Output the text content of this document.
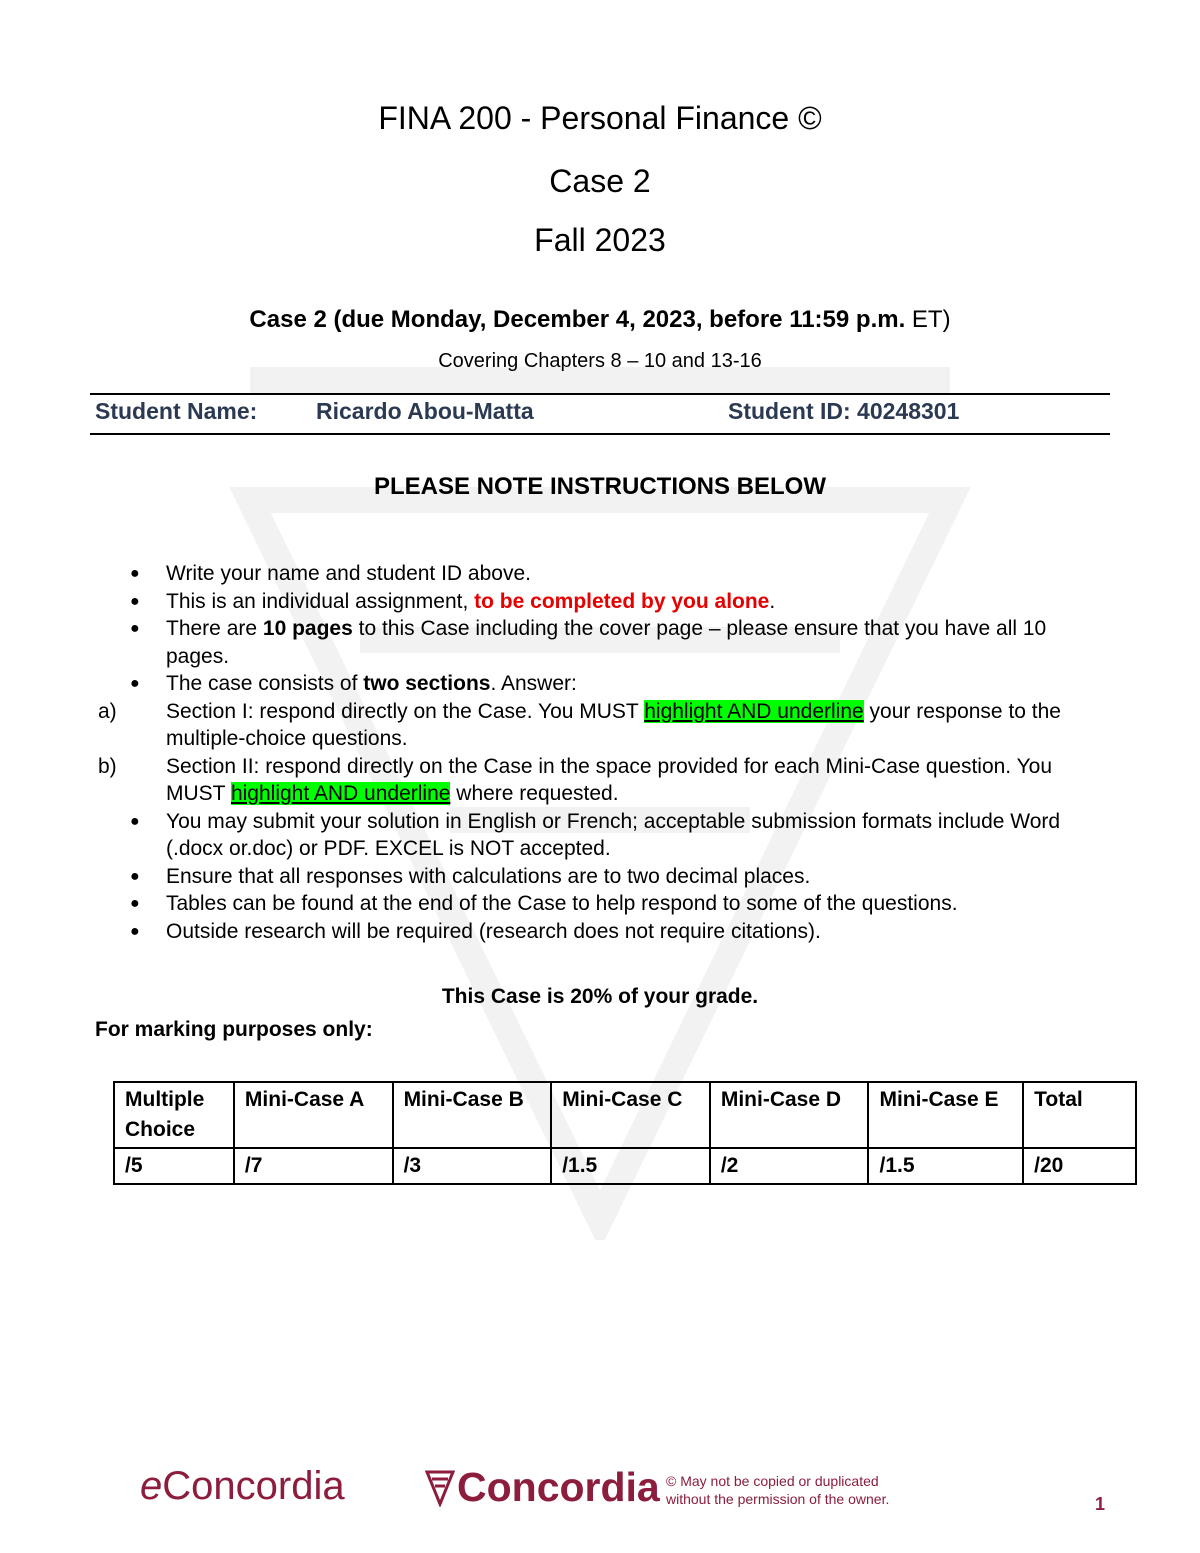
FINA 200 - Personal Finance ©
Case 2
Fall 2023
Case 2 (due Monday, December 4, 2023, before 11:59 p.m. ET)
Covering Chapters 8 – 10 and 13-16
Student Name:	Ricardo Abou-Matta	Student ID: 40248301
PLEASE NOTE INSTRUCTIONS BELOW
●	Write your name and student ID above.
●	This is an individual assignment, to be completed by you alone.
●	There are 10 pages to this Case including the cover page – please ensure that you have all 10 pages.
●	The case consists of two sections. Answer:
a)	Section I: respond directly on the Case. You MUST highlight AND underline your response to the multiple-choice questions.
b)	Section II: respond directly on the Case in the space provided for each Mini-Case question. You MUST highlight AND underline where requested.
●	You may submit your solution in English or French; acceptable submission formats include Word (.docx or.doc) or PDF. EXCEL is NOT accepted.
●	Ensure that all responses with calculations are to two decimal places.
●	Tables can be found at the end of the Case to help respond to some of the questions.
●	Outside research will be required (research does not require citations).
This Case is 20% of your grade.
For marking purposes only:
Multiple Choice	Mini-Case A	Mini-Case B	Mini-Case C	Mini-Case D	Mini-Case E	Total
/5	/7	/3	/1.5	/2	/1.5	/20
eConcordia	Concordia © May not be copied or duplicated
without the permission of the owner.	1
